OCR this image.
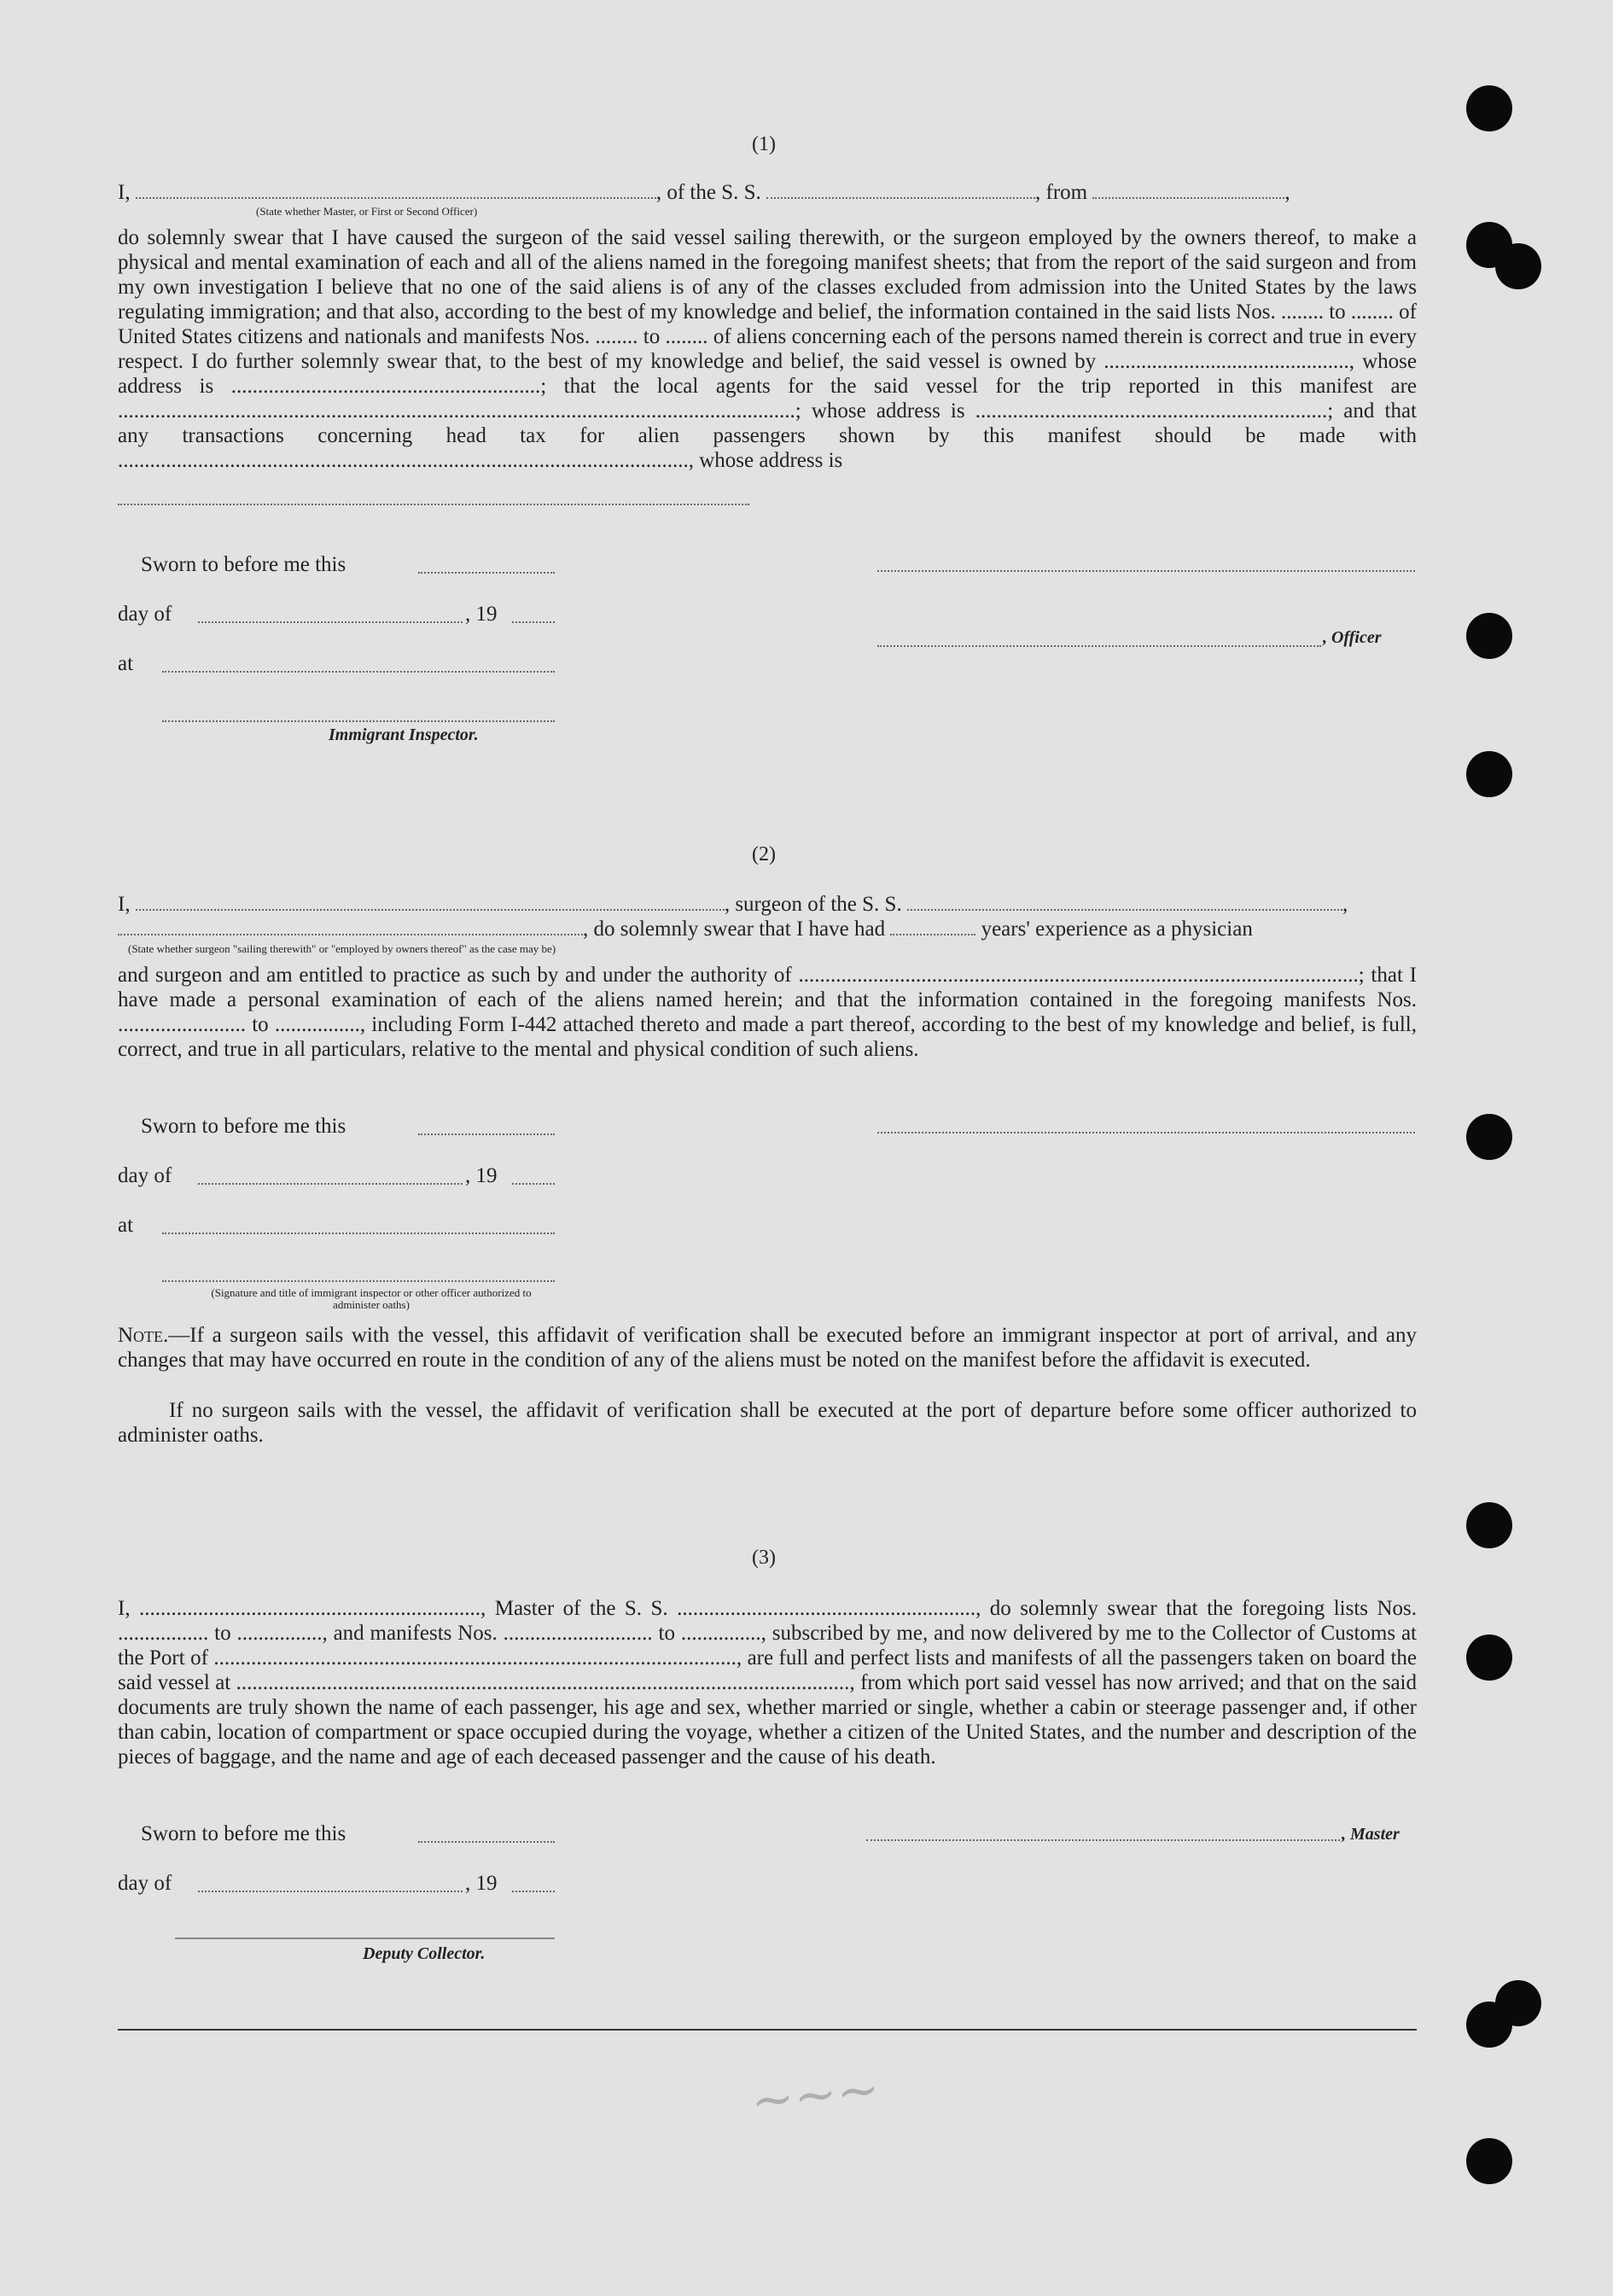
(1)
I,	, of the S. S.	, from	,
(State whether Master, or First or Second Officer)
do solemnly swear that I have caused the surgeon of the said vessel sailing therewith, or the surgeon employed by the owners thereof, to make a physical and mental examination of each and all of the aliens named in the foregoing manifest sheets; that from the report of the said surgeon and from my own investigation I believe that no one of the said aliens is of any of the classes excluded from admission into the United States by the laws regulating immigration; and that also, according to the best of my knowledge and belief, the information contained in the said lists Nos. ........ to ........ of United States citizens and nationals and manifests Nos. ........ to ........ of aliens concerning each of the persons named therein is correct and true in every respect. I do further solemnly swear that, to the best of my knowledge and belief, the said vessel is owned by .............................................., whose address is ..........................................................; that the local agents for the said vessel for the trip reported in this manifest are ...............................................................................................................................; whose address is ..................................................................; and that any transactions concerning head tax for alien passengers shown by this manifest should be made with ..........................................................................................................., whose address is
Sworn to before me this
day of	, 19
, Officer
at
Immigrant Inspector.
(2)
I,	, surgeon of the S. S.	,
, do solemnly swear that I have had	years' experience as a physician
(State whether surgeon "sailing therewith" or "employed by owners thereof" as the case may be)
and surgeon and am entitled to practice as such by and under the authority of .........................................................................................................; that I have made a personal examination of each of the aliens named herein; and that the information contained in the foregoing manifests Nos. ........................ to ................, including Form I-442 attached thereto and made a part thereof, according to the best of my knowledge and belief, is full, correct, and true in all particulars, relative to the mental and physical condition of such aliens.
Sworn to before me this
day of	, 19
at
(Signature and title of immigrant inspector or other officer authorized to administer oaths)
Note.—If a surgeon sails with the vessel, this affidavit of verification shall be executed before an immigrant inspector at port of arrival, and any changes that may have occurred en route in the condition of any of the aliens must be noted on the manifest before the affidavit is executed.
If no surgeon sails with the vessel, the affidavit of verification shall be executed at the port of departure before some officer authorized to administer oaths.
(3)
I, ................................................................, Master of the S. S. ........................................................, do solemnly swear that the foregoing lists Nos. ................. to ................, and manifests Nos. ............................ to ..............., subscribed by me, and now delivered by me to the Collector of Customs at the Port of .................................................................................................., are full and perfect lists and manifests of all the passengers taken on board the said vessel at ..................................................................................................................., from which port said vessel has now arrived; and that on the said documents are truly shown the name of each passenger, his age and sex, whether married or single, whether a cabin or steerage passenger and, if other than cabin, location of compartment or space occupied during the voyage, whether a citizen of the United States, and the number and description of the pieces of baggage, and the name and age of each deceased passenger and the cause of his death.
Sworn to before me this	, Master
day of	, 19
Deputy Collector.
~~~
